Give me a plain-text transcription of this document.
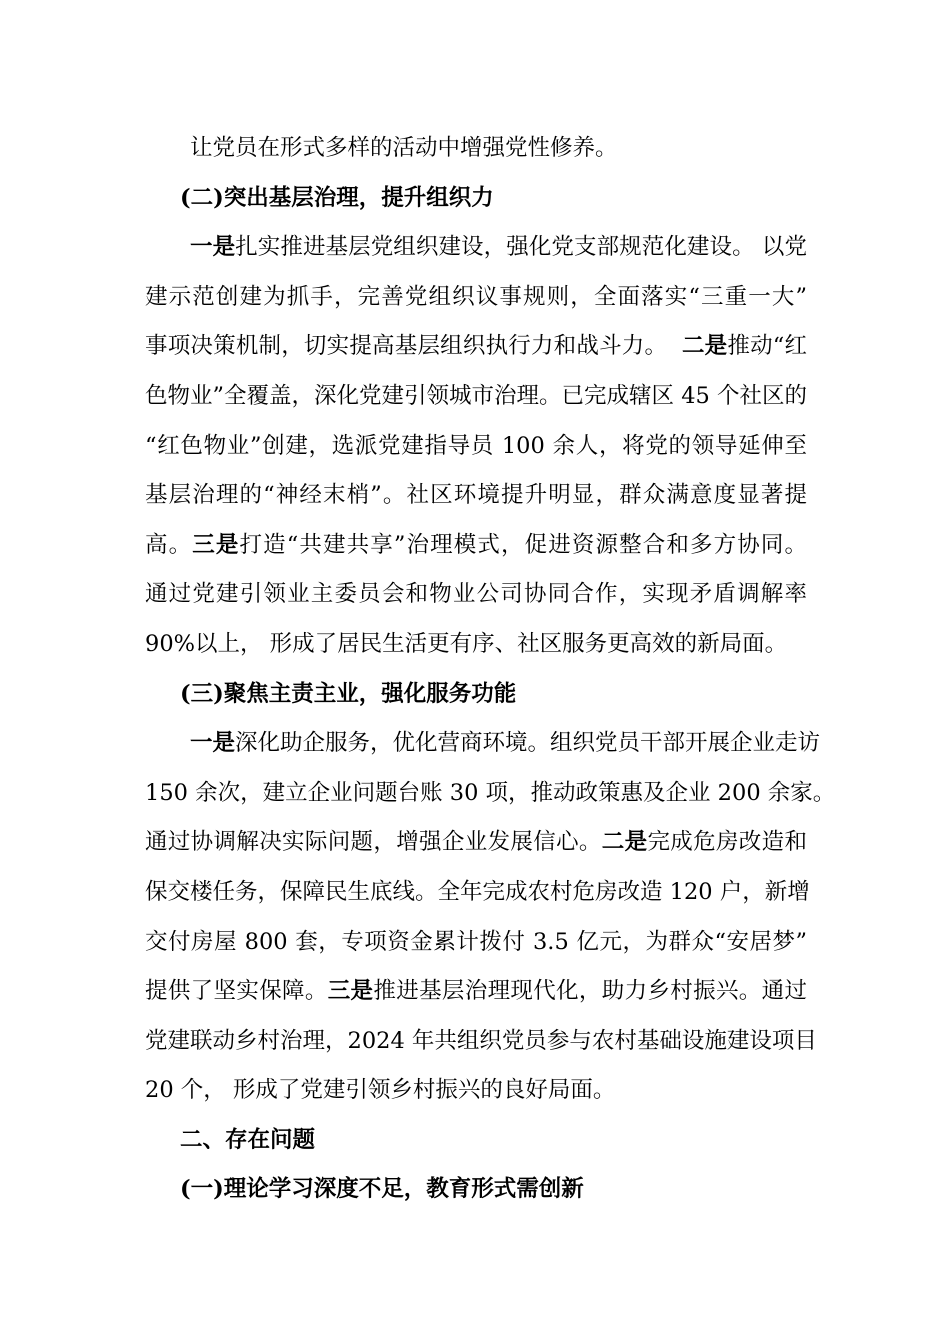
让党员在形式多样的活动中增强党性修养。
(二)突出基层治理，提升组织力
一是扎实推进基层党组织建设，强化党支部规范化建设。 以党
建示范创建为抓手，完善党组织议事规则，全面落实“三重一大”
事项决策机制，切实提高基层组织执行力和战斗力。 二是推动“红
色物业”全覆盖，深化党建引领城市治理。已完成辖区 45 个社区的
“红色物业”创建，选派党建指导员 100 余人，将党的领导延伸至
基层治理的“神经末梢”。社区环境提升明显，群众满意度显著提
高。三是打造“共建共享”治理模式，促进资源整合和多方协同。
通过党建引领业主委员会和物业公司协同合作，实现矛盾调解率
90%以上， 形成了居民生活更有序、社区服务更高效的新局面。
(三)聚焦主责主业，强化服务功能
一是深化助企服务，优化营商环境。组织党员干部开展企业走访
150 余次，建立企业问题台账 30 项，推动政策惠及企业 200 余家。
通过协调解决实际问题，增强企业发展信心。二是完成危房改造和
保交楼任务，保障民生底线。全年完成农村危房改造 120 户，新增
交付房屋 800 套，专项资金累计拨付 3.5 亿元，为群众“安居梦”
提供了坚实保障。三是推进基层治理现代化，助力乡村振兴。通过
党建联动乡村治理，2024 年共组织党员参与农村基础设施建设项目
20 个， 形成了党建引领乡村振兴的良好局面。
二、存在问题
(一)理论学习深度不足，教育形式需创新
